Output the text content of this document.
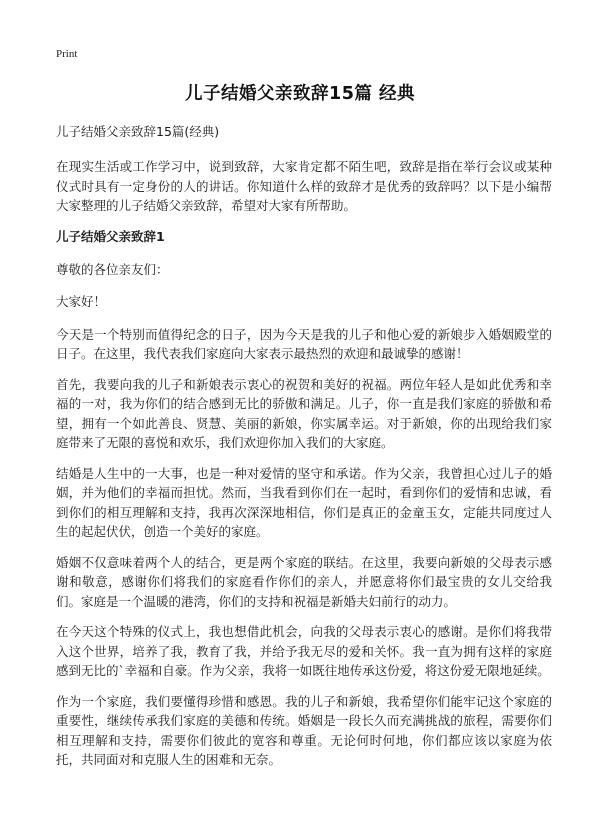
Print
儿子结婚父亲致辞15篇 经典

儿子结婚父亲致辞15篇(经典)

在现实生活或工作学习中，说到致辞，大家肯定都不陌生吧，致辞是指在举行会议或某种仪式时具有一定身份的人的讲话。你知道什么样的致辞才是优秀的致辞吗？以下是小编帮大家整理的儿子结婚父亲致辞，希望对大家有所帮助。

儿子结婚父亲致辞1

尊敬的各位亲友们：

大家好！

今天是一个特别而值得纪念的日子，因为今天是我的儿子和他心爱的新娘步入婚姻殿堂的日子。在这里，我代表我们家庭向大家表示最热烈的欢迎和最诚挚的感谢！

首先，我要向我的儿子和新娘表示衷心的祝贺和美好的祝福。两位年轻人是如此优秀和幸福的一对，我为你们的结合感到无比的骄傲和满足。儿子，你一直是我们家庭的骄傲和希望，拥有一个如此善良、贤慧、美丽的新娘，你实属幸运。对于新娘，你的出现给我们家庭带来了无限的喜悦和欢乐，我们欢迎你加入我们的大家庭。

结婚是人生中的一大事，也是一种对爱情的坚守和承诺。作为父亲，我曾担心过儿子的婚姻，并为他们的幸福而担忧。然而，当我看到你们在一起时，看到你们的爱情和忠诚，看到你们的相互理解和支持，我再次深深地相信，你们是真正的金童玉女，定能共同度过人生的起起伏伏，创造一个美好的家庭。

婚姻不仅意味着两个人的结合，更是两个家庭的联结。在这里，我要向新娘的父母表示感谢和敬意，感谢你们将我们的家庭看作你们的亲人，并愿意将你们最宝贵的女儿交给我们。家庭是一个温暖的港湾，你们的支持和祝福是新婚夫妇前行的动力。

在今天这个特殊的仪式上，我也想借此机会，向我的父母表示衷心的感谢。是你们将我带入这个世界，培养了我，教育了我，并给予我无尽的爱和关怀。我一直为拥有这样的家庭感到无比的`幸福和自豪。作为父亲，我将一如既往地传承这份爱，将这份爱无限地延续。

作为一个家庭，我们要懂得珍惜和感恩。我的儿子和新娘，我希望你们能牢记这个家庭的重要性，继续传承我们家庭的美德和传统。婚姻是一段长久而充满挑战的旅程，需要你们相互理解和支持，需要你们彼此的宽容和尊重。无论何时何地，你们都应该以家庭为依托，共同面对和克服人生的困难和无奈。
